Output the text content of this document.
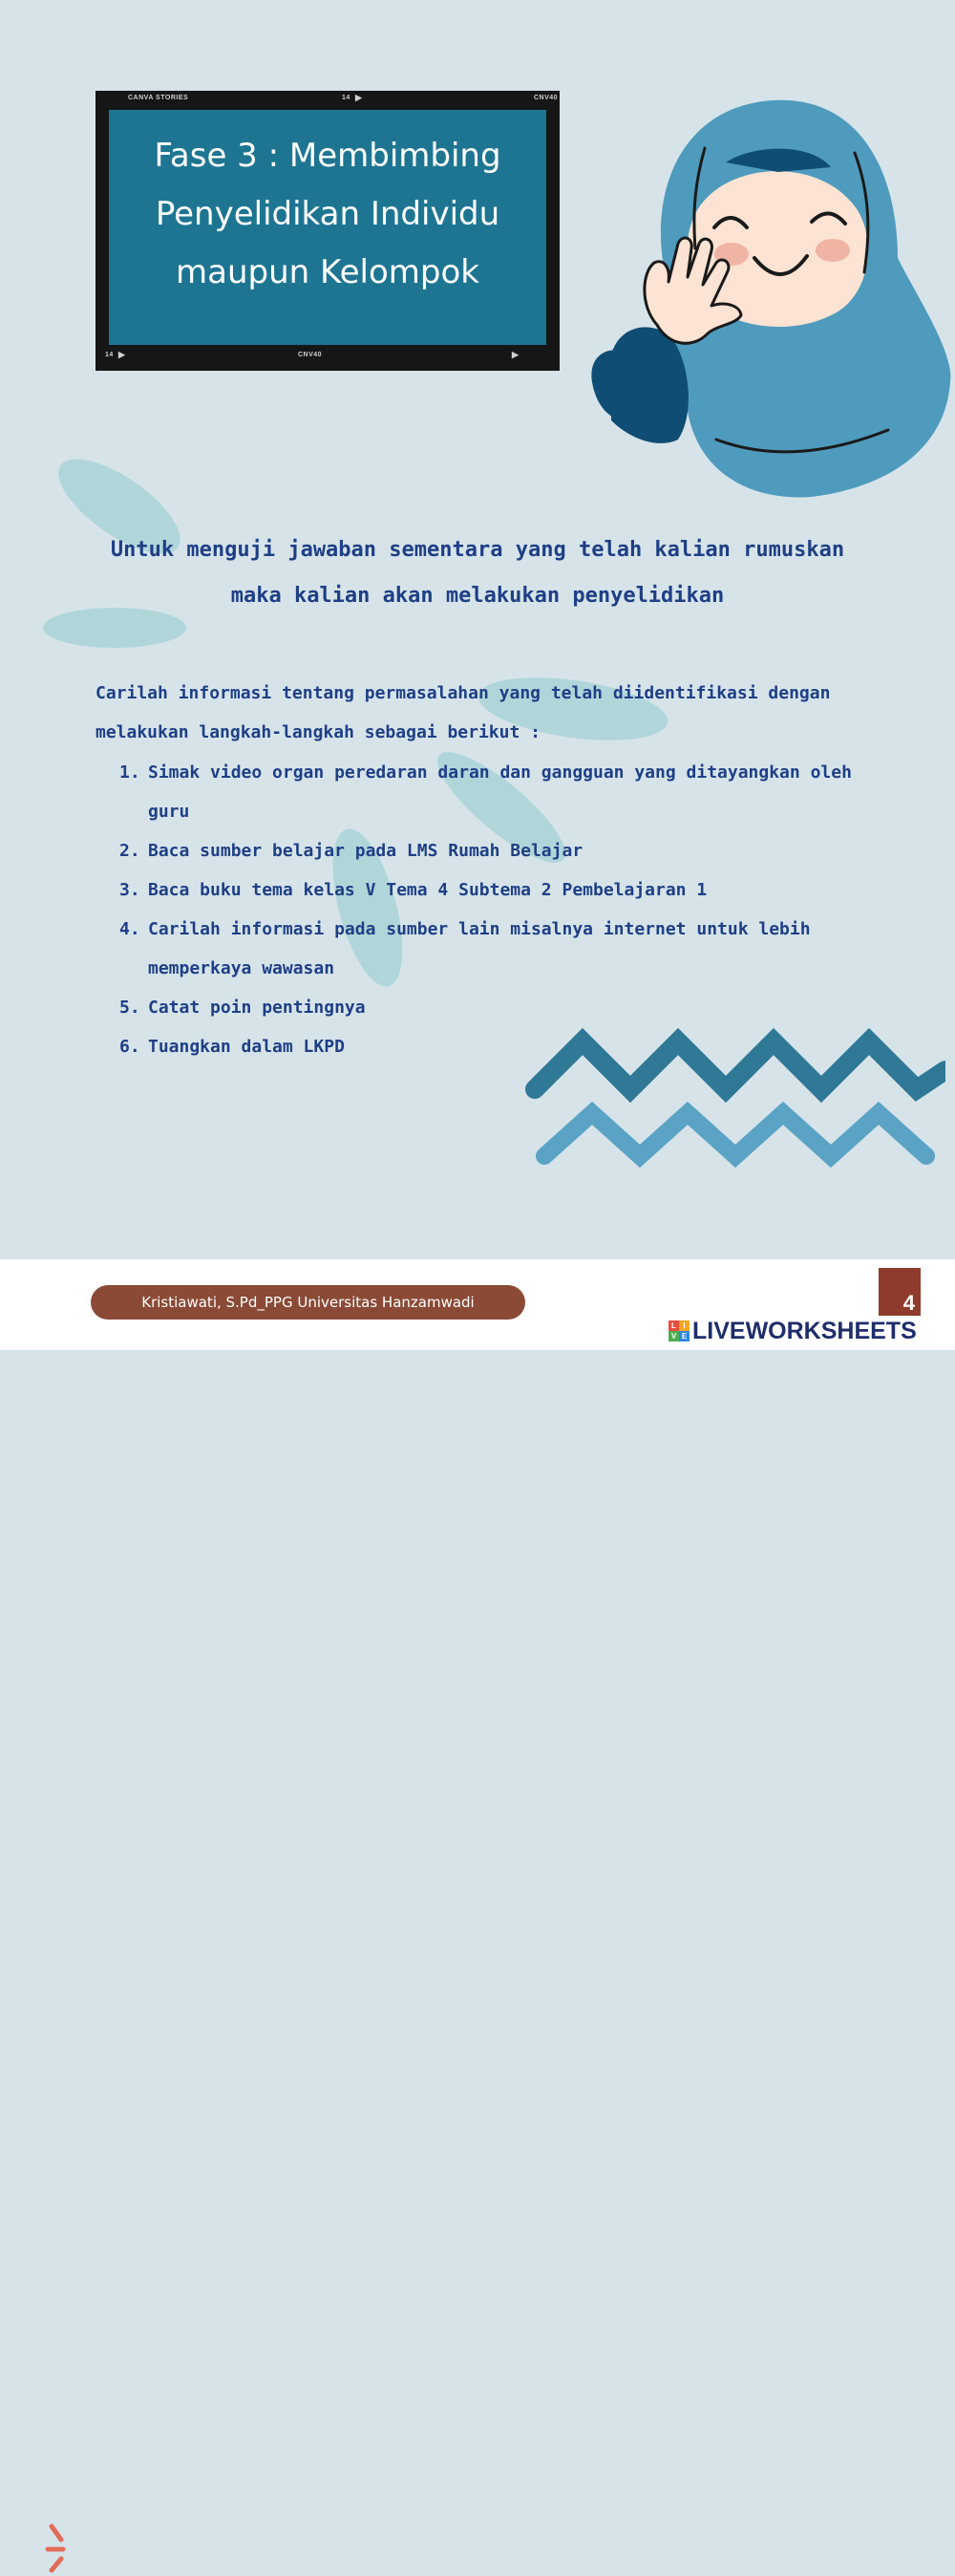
CANVA STORIES	14 ▶	CNV40
Fase 3 : Membimbing
Penyelidikan Individu
maupun Kelompok
14 ▶	CNV40	▶
Untuk menguji jawaban sementara yang telah kalian rumuskan
maka kalian akan melakukan penyelidikan
Carilah informasi tentang permasalahan yang telah diidentifikasi dengan
melakukan langkah-langkah sebagai berikut :
1. Simak video organ peredaran daran dan gangguan yang ditayangkan oleh
guru
2. Baca sumber belajar pada LMS Rumah Belajar
3. Baca buku tema kelas V Tema 4 Subtema 2 Pembelajaran 1
4. Carilah informasi pada sumber lain misalnya internet untuk lebih
memperkaya wawasan
5. Catat poin pentingnya
6. Tuangkan dalam LKPD
Kristiawati, S.Pd_PPG Universitas Hanzamwadi	4
L I
V E LIVEWORKSHEETS
